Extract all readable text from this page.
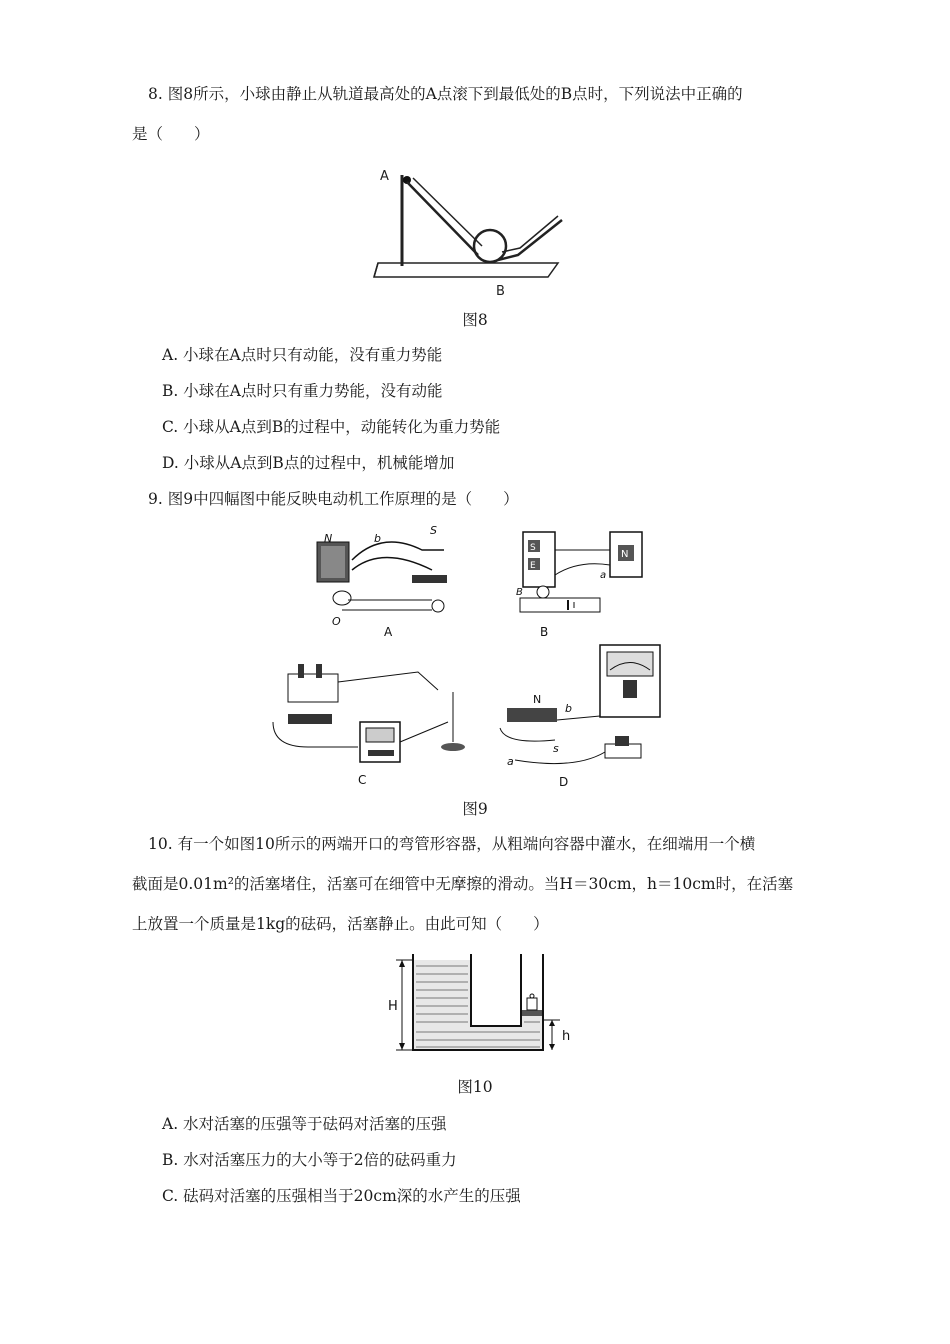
8. 图8所示，小球由静止从轨道最高处的A点滚下到最低处的B点时，下列说法中正确的
是（　　）
A
B
图8
A. 小球在A点时只有动能，没有重力势能
B. 小球在A点时只有重力势能，没有动能
C. 小球从A点到B的过程中，动能转化为重力势能
D. 小球从A点到B点的过程中，机械能增加
9. 图9中四幅图中能反映电动机工作原理的是（　　）
N	b
S
O
A
S
E
N
B
a
B
C
N
b
s
a
D
图9
10. 有一个如图10所示的两端开口的弯管形容器，从粗端向容器中灌水，在细端用一个横
截面是0.01m²的活塞堵住，活塞可在细管中无摩擦的滑动。当H＝30cm，h＝10cm时，在活塞
上放置一个质量是1kg的砝码，活塞静止。由此可知（　　）
H
h
图10
A. 水对活塞的压强等于砝码对活塞的压强
B. 水对活塞压力的大小等于2倍的砝码重力
C. 砝码对活塞的压强相当于20cm深的水产生的压强
